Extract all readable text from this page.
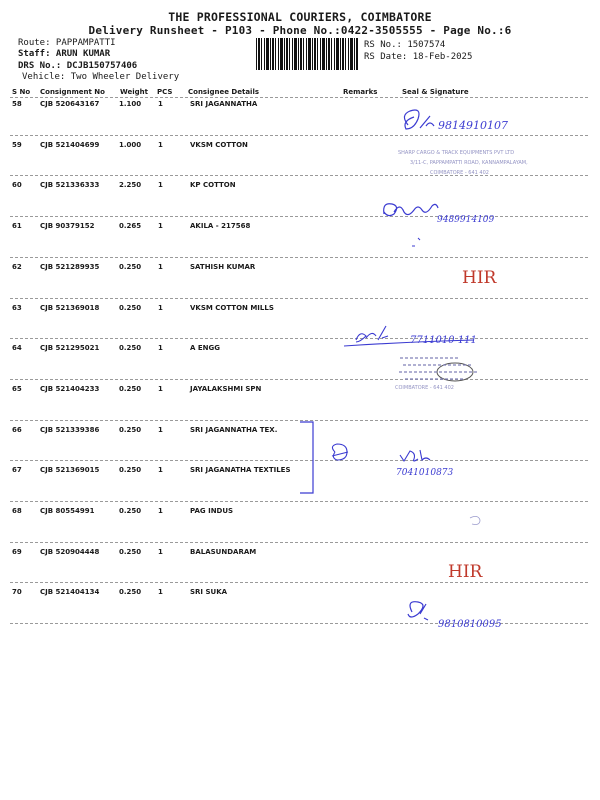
THE PROFESSIONAL COURIERS, COIMBATORE
Delivery Runsheet - P103 - Phone No.:0422-3505555 - Page No.:6
Route: PAPPAMPATTI
Staff: ARUN KUMAR
DRS No.: DCJB150757406
Vehicle: Two Wheeler Delivery
RS No.: 1507574
RS Date: 18-Feb-2025
S No Consignment No Weight PCS Consignee Details	Remarks	Seal & Signature
58	CJB 520643167	1.100 1	SRI JAGANNATHA
59	CJB 521404699	1.000 1	VKSM COTTON
60	CJB 521336333	2.250 1	KP COTTON
61	CJB 90379152	0.265 1	AKILA - 217568
62	CJB 521289935	0.250 1	SATHISH KUMAR
63	CJB 521369018	0.250 1	VKSM COTTON MILLS
64	CJB 521295021	0.250 1	A ENGG
65	CJB 521404233	0.250 1	JAYALAKSHMI SPN
66	CJB 521339386	0.250 1	SRI JAGANNATHA TEX.
67	CJB 521369015	0.250 1	SRI JAGANATHA TEXTILES
68	CJB 80554991	0.250 1	PAG INDUS
69	CJB 520904448	0.250 1	BALASUNDARAM
70	CJB 521404134	0.250 1	SRI SUKA
9814910107
9489914109
7711010 111
7041010873
9810810095
HIR
HIR
SHARP CARGO & TRACK EQUIPMENTS PVT LTD
3/11-C, PAPPAMPATTI ROAD, KANNAMPALAYAM,
COIMBATORE - 641 402
COIMBATORE - 641 402
